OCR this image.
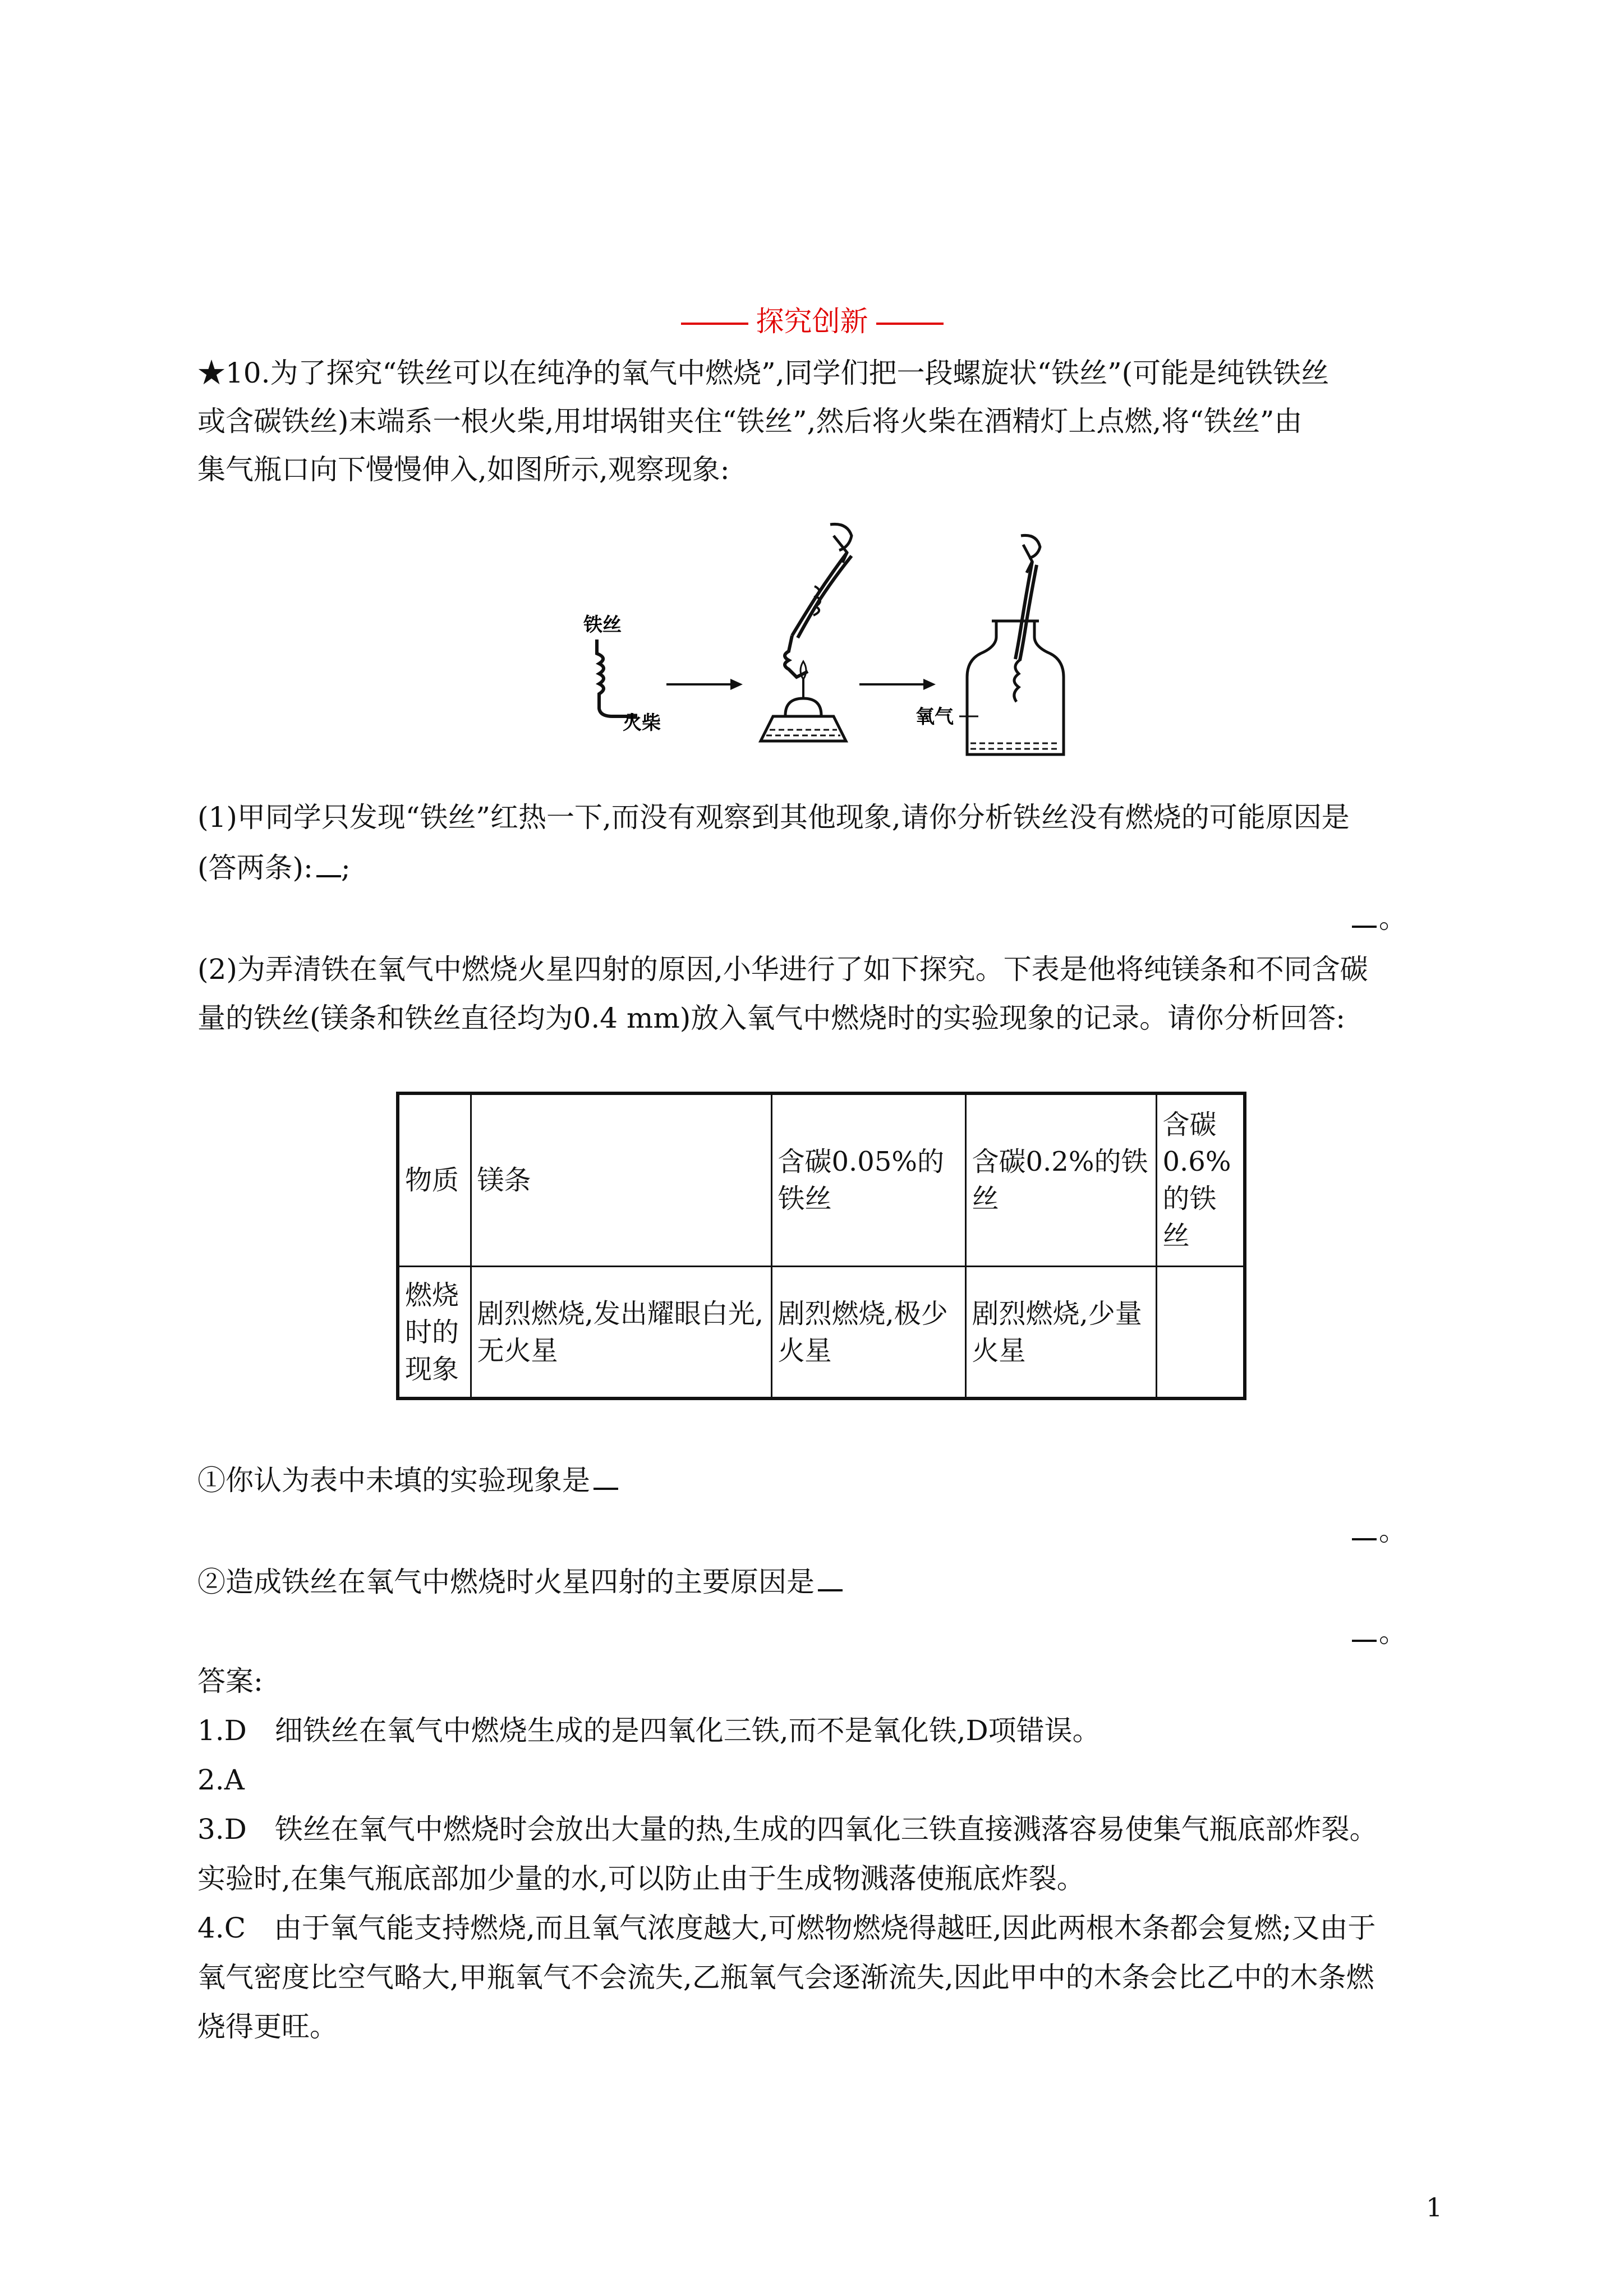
探究创新
★10.为了探究“铁丝可以在纯净的氧气中燃烧”,同学们把一段螺旋状“铁丝”(可能是纯铁铁丝
或含碳铁丝)末端系一根火柴,用坩埚钳夹住“铁丝”,然后将火柴在酒精灯上点燃,将“铁丝”由
集气瓶口向下慢慢伸入,如图所示,观察现象:
铁丝
火柴	氧气
(1)甲同学只发现“铁丝”红热一下,而没有观察到其他现象,请你分析铁丝没有燃烧的可能原因是
(答两条): ;
。
(2)为弄清铁在氧气中燃烧火星四射的原因,小华进行了如下探究。下表是他将纯镁条和不同含碳
量的铁丝(镁条和铁丝直径均为0.4 mm)放入氧气中燃烧时的实验现象的记录。请你分析回答:
物质	镁条	含碳0.05%的铁丝	含碳0.2%的铁丝	含碳0.6%的铁丝
燃烧时的现象	剧烈燃烧,发出耀眼白光,无火星	剧烈燃烧,极少火星	剧烈燃烧,少量火星	
①你认为表中未填的实验现象是
。
②造成铁丝在氧气中燃烧时火星四射的主要原因是
。
答案:
1.D　细铁丝在氧气中燃烧生成的是四氧化三铁,而不是氧化铁,D项错误。
2.A
3.D　铁丝在氧气中燃烧时会放出大量的热,生成的四氧化三铁直接溅落容易使集气瓶底部炸裂。
实验时,在集气瓶底部加少量的水,可以防止由于生成物溅落使瓶底炸裂。
4.C　由于氧气能支持燃烧,而且氧气浓度越大,可燃物燃烧得越旺,因此两根木条都会复燃;又由于
氧气密度比空气略大,甲瓶氧气不会流失,乙瓶氧气会逐渐流失,因此甲中的木条会比乙中的木条燃
烧得更旺。
1
